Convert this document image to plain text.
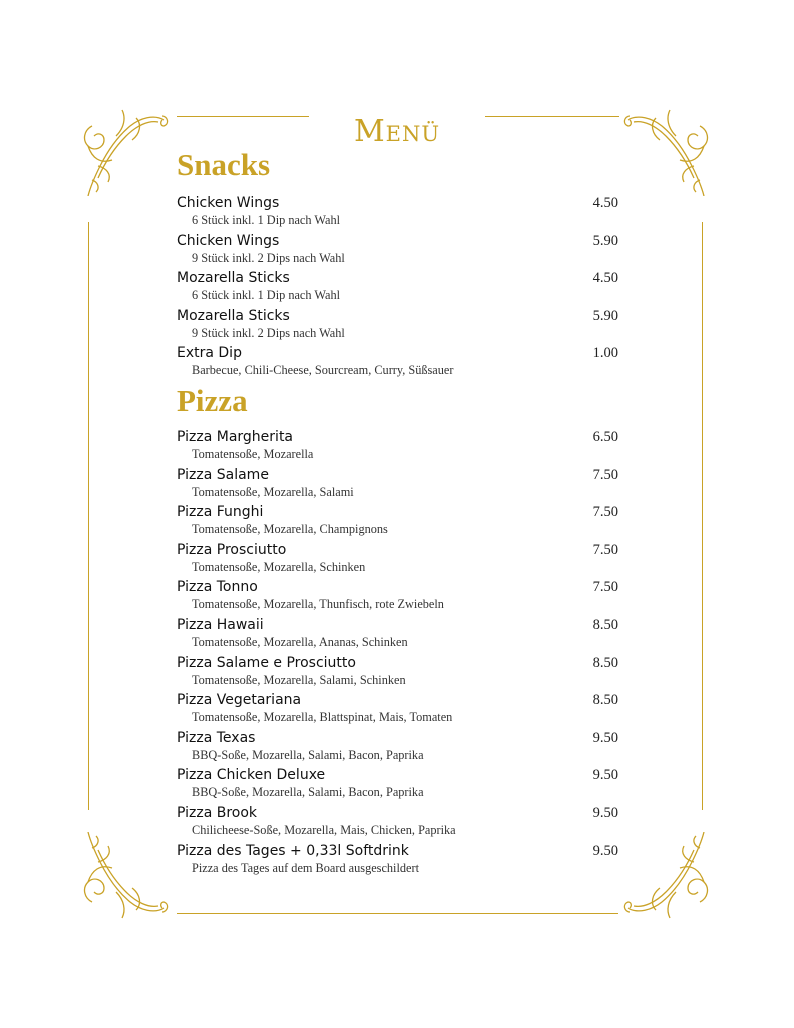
Menü
Snacks
Chicken Wings	4.50
6 Stück inkl. 1 Dip nach Wahl
Chicken Wings	5.90
9 Stück inkl. 2 Dips nach Wahl
Mozarella Sticks	4.50
6 Stück inkl. 1 Dip nach Wahl
Mozarella Sticks	5.90
9 Stück inkl. 2 Dips nach Wahl
Extra Dip	1.00
Barbecue, Chili-Cheese, Sourcream, Curry, Süßsauer
Pizza
Pizza Margherita	6.50
Tomatensoße, Mozarella
Pizza Salame	7.50
Tomatensoße, Mozarella, Salami
Pizza Funghi	7.50
Tomatensoße, Mozarella, Champignons
Pizza Prosciutto	7.50
Tomatensoße, Mozarella, Schinken
Pizza Tonno	7.50
Tomatensoße, Mozarella, Thunfisch, rote Zwiebeln
Pizza Hawaii	8.50
Tomatensoße, Mozarella, Ananas, Schinken
Pizza Salame e Prosciutto	8.50
Tomatensoße, Mozarella, Salami, Schinken
Pizza Vegetariana	8.50
Tomatensoße, Mozarella, Blattspinat, Mais, Tomaten
Pizza Texas	9.50
BBQ-Soße, Mozarella, Salami, Bacon, Paprika
Pizza Chicken Deluxe	9.50
BBQ-Soße, Mozarella, Salami, Bacon, Paprika
Pizza Brook	9.50
Chilicheese-Soße, Mozarella, Mais, Chicken, Paprika
Pizza des Tages + 0,33l Softdrink	9.50
Pizza des Tages auf dem Board ausgeschildert
